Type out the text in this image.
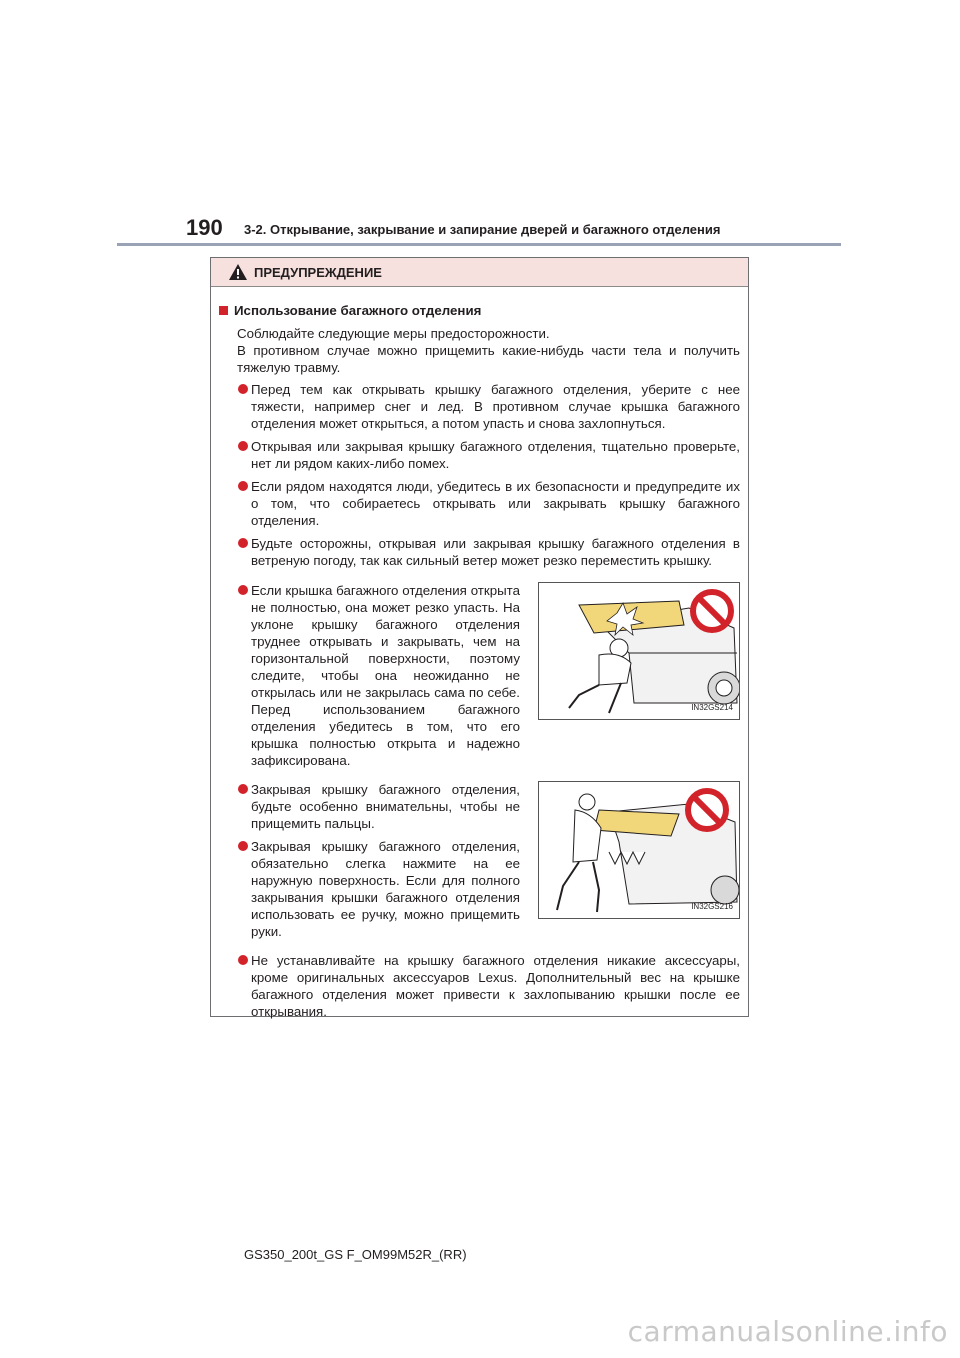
190 3-2. Открывание, закрывание и запирание дверей и багажного отделения
ПРЕДУПРЕЖДЕНИЕ
Использование багажного отделения
Соблюдайте следующие меры предосторожности.
В противном случае можно прищемить какие-нибудь части тела и получить тяжелую травму.
Перед тем как открывать крышку багажного отделения, уберите с нее тяжести, например снег и лед. В противном случае крышка багажного отделения может открыться, а потом упасть и снова захлопнуться.
Открывая или закрывая крышку багажного отделения, тщательно проверьте, нет ли рядом каких-либо помех.
Если рядом находятся люди, убедитесь в их безопасности и предупредите их о том, что собираетесь открывать или закрывать крышку багажного отделения.
Будьте осторожны, открывая или закрывая крышку багажного отделения в ветреную погоду, так как сильный ветер может резко переместить крышку.
Если крышка багажного отделения открыта не полностью, она может резко упасть. На уклоне крышку багажного отделения труднее открывать и закрывать, чем на горизонтальной поверхности, поэтому следите, чтобы она неожиданно не открылась или не закрылась сама по себе. Перед использованием багажного отделения убедитесь в том, что его крышка полностью открыта и надежно зафиксирована.
IN32GS214
Закрывая крышку багажного отделения, будьте особенно внимательны, чтобы не прищемить пальцы.
Закрывая крышку багажного отделения, обязательно слегка нажмите на ее наружную поверхность. Если для полного закрывания крышки багажного отделения использовать ее ручку, можно прищемить руки.
IN32GS216
Не устанавливайте на крышку багажного отделения никакие аксессуары, кроме оригинальных аксессуаров Lexus. Дополнительный вес на крышке багажного отделения может привести к захлопыванию крышки после ее открывания.
GS350_200t_GS F_OM99M52R_(RR)
carmanualsonline.info
